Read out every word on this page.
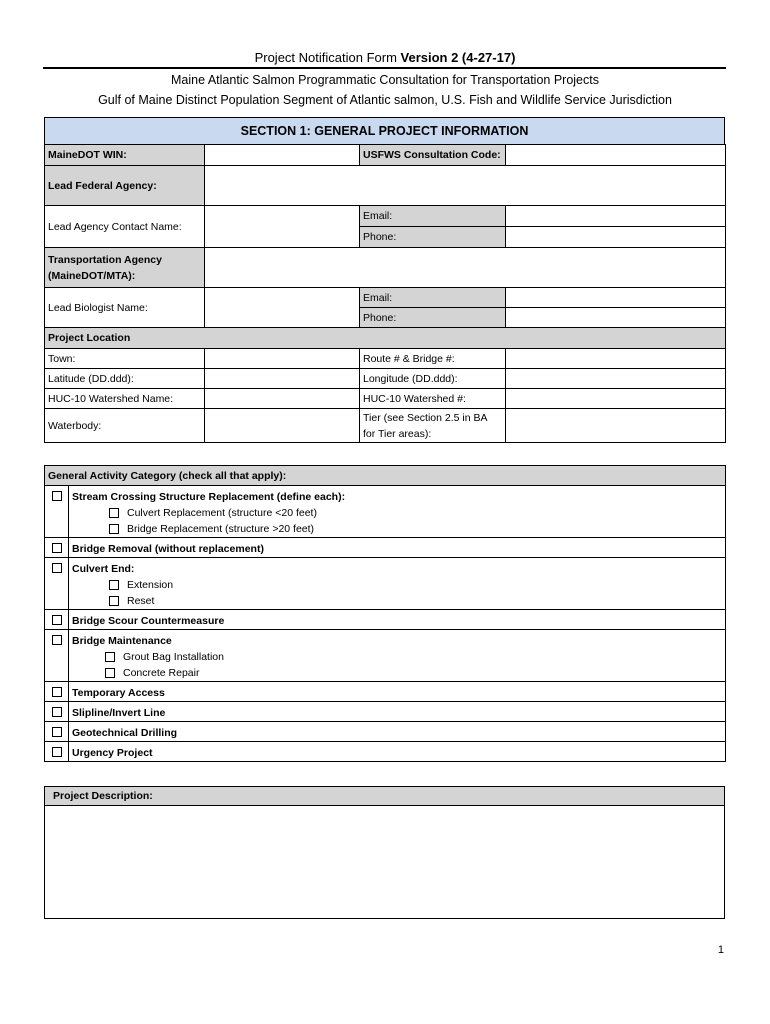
Project Notification Form Version 2 (4-27-17)
Maine Atlantic Salmon Programmatic Consultation for Transportation Projects
Gulf of Maine Distinct Population Segment of Atlantic salmon, U.S. Fish and Wildlife Service Jurisdiction
SECTION 1: GENERAL PROJECT INFORMATION
MaineDOT WIN:		USFWS Consultation Code:	
Lead Federal Agency:			
Lead Agency Contact Name:		Email:	
		Phone:	
Transportation Agency
(MaineDOT/MTA):			
Lead Biologist Name:		Email:	
		Phone:	
Project Location			
Town:		Route # & Bridge #:	
Latitude (DD.ddd):		Longitude (DD.ddd):	
HUC-10 Watershed Name:		HUC-10 Watershed #:	
Waterbody:		Tier (see Section 2.5 in BA
for Tier areas):	
General Activity Category (check all that apply):	

	Stream Crossing Structure Replacement (define each):
Culvert Replacement (structure <20 feet)
Bridge Replacement (structure >20 feet)

	Bridge Removal (without replacement)

	Culvert End:
Extension
Reset

	Bridge Scour Countermeasure

	Bridge Maintenance
Grout Bag Installation
Concrete Repair

	Temporary Access
	Slipline/Invert Line
	Geotechnical Drilling
	Urgency Project
Project Description:
1
